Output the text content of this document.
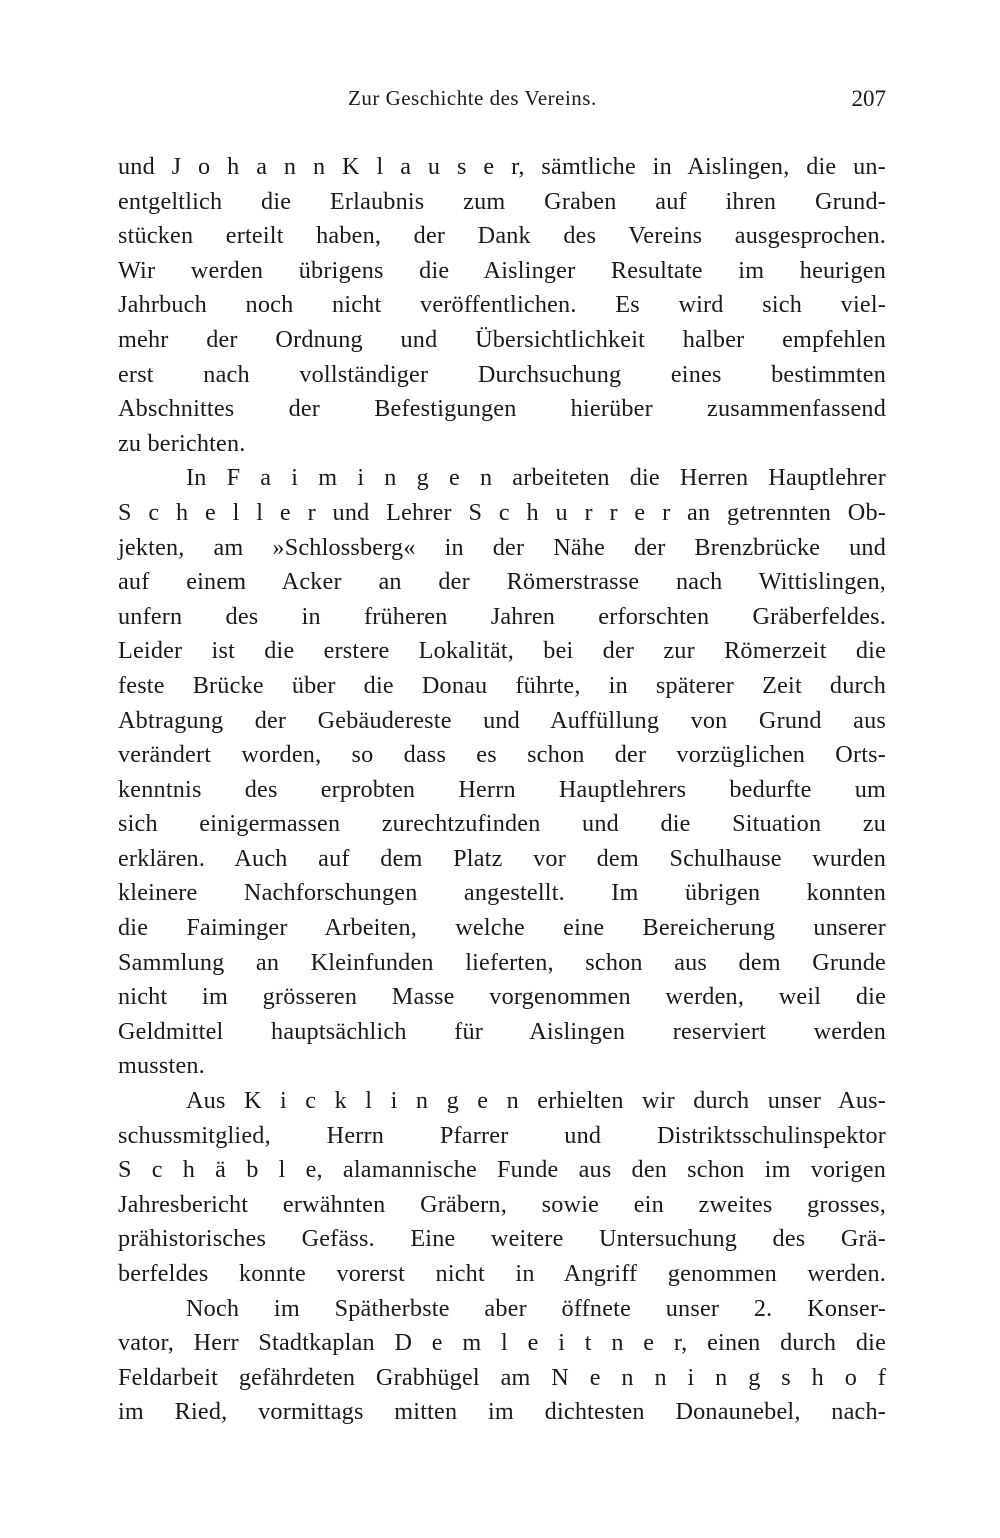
Zur Geschichte des Vereins.	207
und J o h a n n K l a u s e r, sämtliche in Aislingen, die un-
entgeltlich die Erlaubnis zum Graben auf ihren Grund-
stücken erteilt haben, der Dank des Vereins ausgesprochen.
Wir werden übrigens die Aislinger Resultate im heurigen
Jahrbuch noch nicht veröffentlichen. Es wird sich viel-
mehr der Ordnung und Übersichtlichkeit halber empfehlen
erst nach vollständiger Durchsuchung eines bestimmten
Abschnittes der Befestigungen hierüber zusammenfassend
zu berichten.
In F a i m i n g e n arbeiteten die Herren Hauptlehrer
S c h e l l e r und Lehrer S c h u r r e r an getrennten Ob-
jekten, am »Schlossberg« in der Nähe der Brenzbrücke und
auf einem Acker an der Römerstrasse nach Wittislingen,
unfern des in früheren Jahren erforschten Gräberfeldes.
Leider ist die erstere Lokalität, bei der zur Römerzeit die
feste Brücke über die Donau führte, in späterer Zeit durch
Abtragung der Gebäudereste und Auffüllung von Grund aus
verändert worden, so dass es schon der vorzüglichen Orts-
kenntnis des erprobten Herrn Hauptlehrers bedurfte um
sich einigermassen zurechtzufinden und die Situation zu
erklären. Auch auf dem Platz vor dem Schulhause wurden
kleinere Nachforschungen angestellt. Im übrigen konnten
die Faiminger Arbeiten, welche eine Bereicherung unserer
Sammlung an Kleinfunden lieferten, schon aus dem Grunde
nicht im grösseren Masse vorgenommen werden, weil die
Geldmittel hauptsächlich für Aislingen reserviert werden
mussten.
Aus K i c k l i n g e n erhielten wir durch unser Aus-
schussmitglied, Herrn Pfarrer und Distriktsschulinspektor
S c h ä b l e, alamannische Funde aus den schon im vorigen
Jahresbericht erwähnten Gräbern, sowie ein zweites grosses,
prähistorisches Gefäss. Eine weitere Untersuchung des Grä-
berfeldes konnte vorerst nicht in Angriff genommen werden.
Noch im Spätherbste aber öffnete unser 2. Konser-
vator, Herr Stadtkaplan D e m l e i t n e r, einen durch die
Feldarbeit gefährdeten Grabhügel am N e n n i n g s h o f
im Ried, vormittags mitten im dichtesten Donaunebel, nach-
